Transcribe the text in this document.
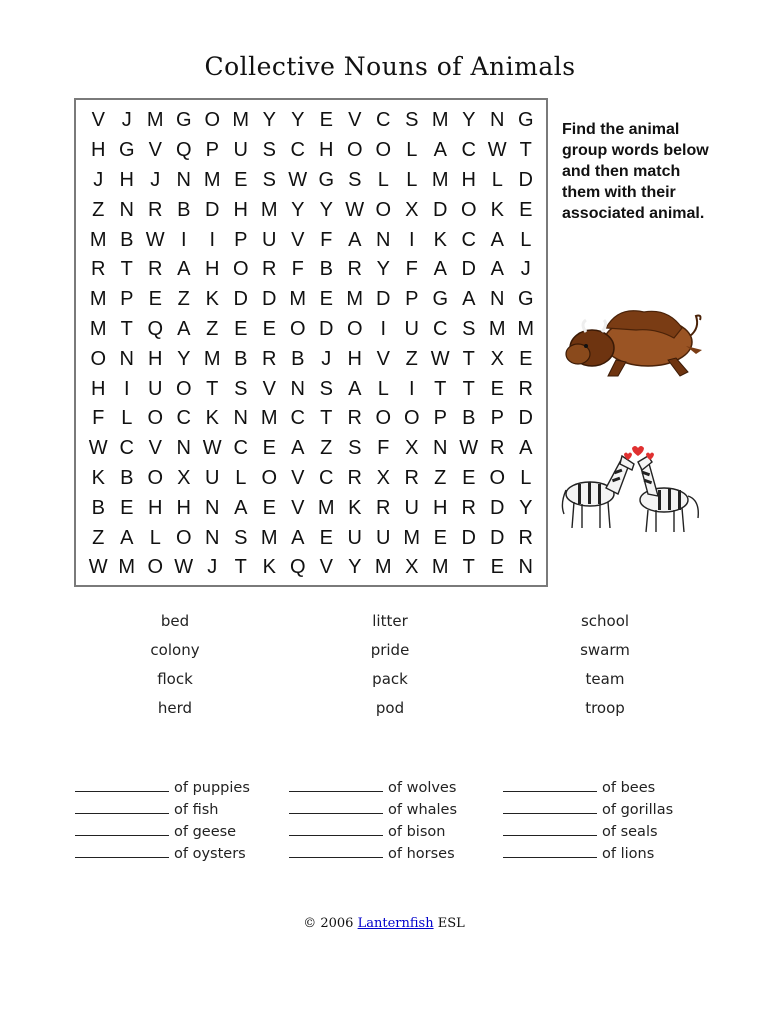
Collective Nouns of Animals
V J M G O M Y Y E V C S M Y N G
H G V Q P U S C H O O L A C W T
J H J N M E S W G S L L M H L D
Z N R B D H M Y Y W O X D O K E
M B W I	I P U V F A N I K C A L
R T R A H O R F B R Y F A D A J
M P E Z K D D M E M D P G A N G
M T Q A Z E E O D O I U C S M M
O N H Y M B R B J H V Z W T X E
H I U O T S V N S A L	I T T E R
F L O C K N M C T R O O P B P D
W C V N W C E A Z S F X N W R A
K B O X U L O V C R X R Z E O L
B E H H N A E V M K R U H R D Y
Z A L O N S M A E U U M E D D R
W M O W J T K Q V Y M X M T E N
Find the animal group words below and then match them with their associated animal.
bed
colony
flock
herd
litter
pride
pack
pod
school
swarm
team
troop
of puppies
of fish
of geese
of oysters
of wolves
of whales
of bison
of horses
of bees
of gorillas
of seals
of lions
© 2006 Lanternfish ESL
